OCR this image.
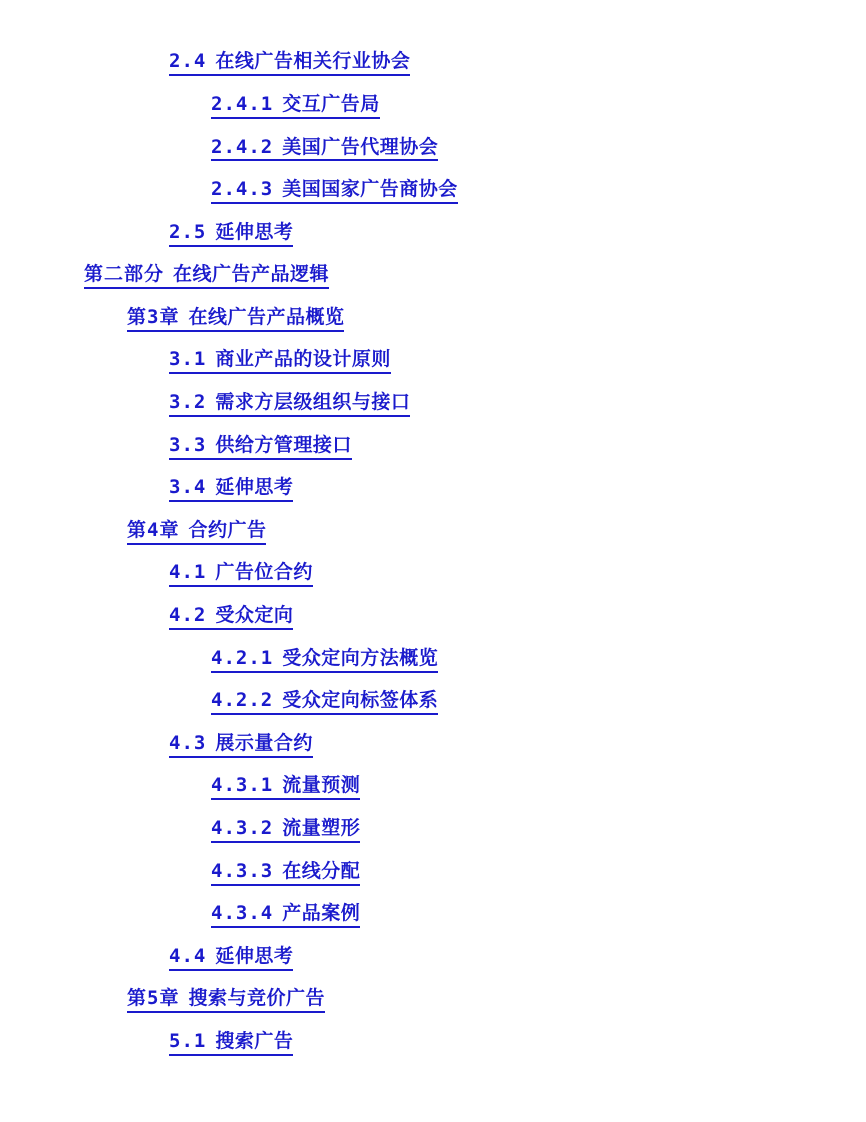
2.4 在线广告相关行业协会
2.4.1 交互广告局
2.4.2 美国广告代理协会
2.4.3 美国国家广告商协会
2.5 延伸思考
第二部分 在线广告产品逻辑
第3章 在线广告产品概览
3.1 商业产品的设计原则
3.2 需求方层级组织与接口
3.3 供给方管理接口
3.4 延伸思考
第4章 合约广告
4.1 广告位合约
4.2 受众定向
4.2.1 受众定向方法概览
4.2.2 受众定向标签体系
4.3 展示量合约
4.3.1 流量预测
4.3.2 流量塑形
4.3.3 在线分配
4.3.4 产品案例
4.4 延伸思考
第5章 搜索与竞价广告
5.1 搜索广告
